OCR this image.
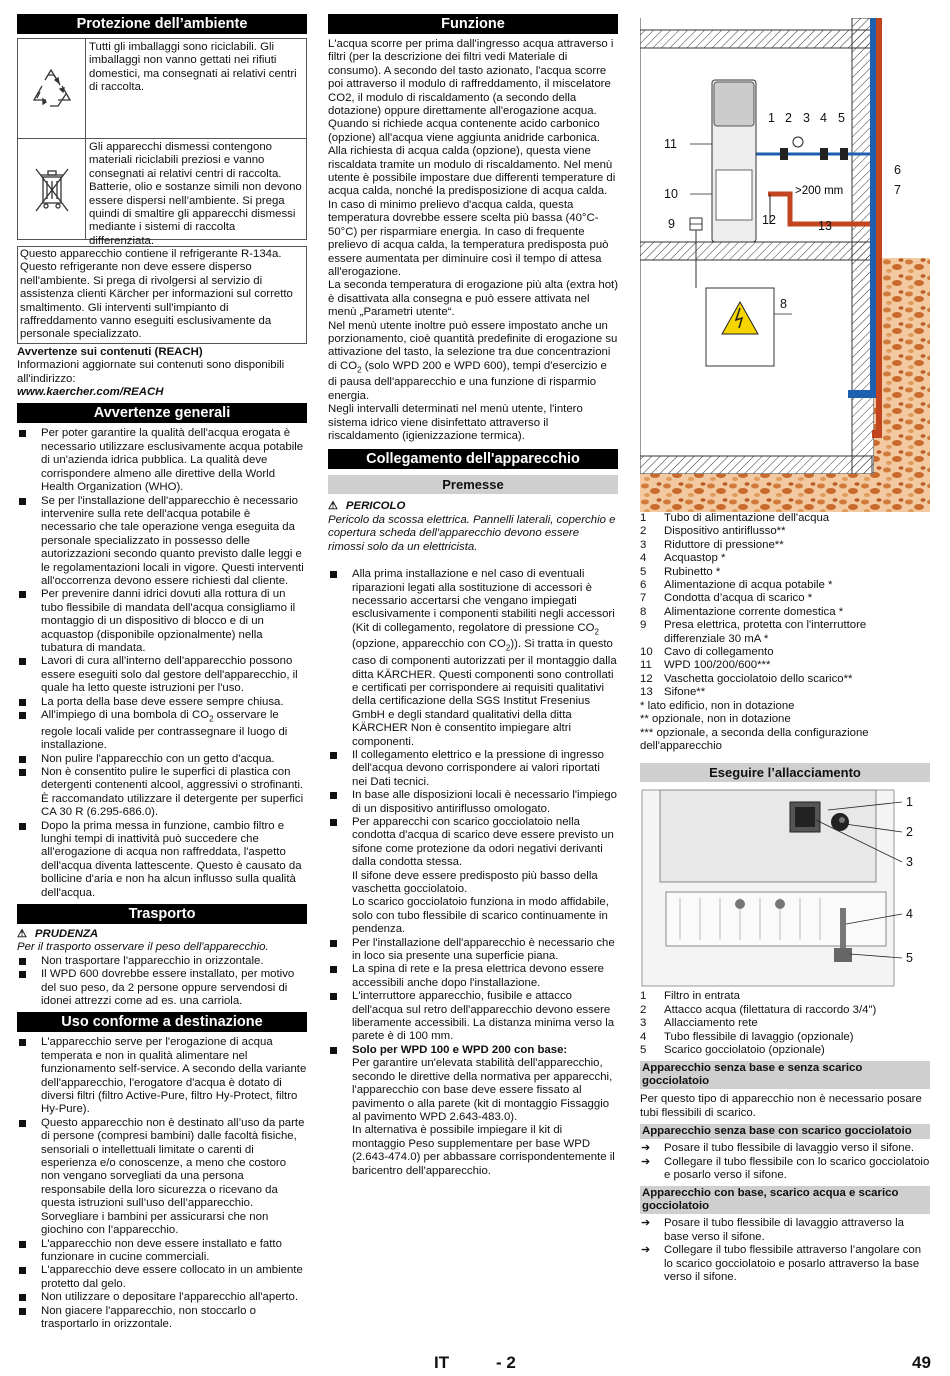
Protezione dell’ambiente
Tutti gli imballaggi sono riciclabili. Gli imballaggi non vanno gettati nei rifiuti domestici, ma consegnati ai relativi centri di raccolta.
Gli apparecchi dismessi contengono materiali riciclabili preziosi e vanno consegnati ai relativi centri di raccolta. Batterie, olio e sostanze simili non devono essere dispersi nell’ambiente. Si prega quindi di smaltire gli apparecchi dismessi mediante i sistemi di raccolta differenziata.
Questo apparecchio contiene il refrigerante R-134a. Questo refrigerante non deve essere disperso nell'ambiente. Si prega di rivolgersi al servizio di assistenza clienti Kärcher per informazioni sul corretto smaltimento. Gli interventi sull'impianto di raffreddamento vanno eseguiti esclusivamente da personale specializzato.

Avvertenze sui contenuti (REACH)

Informazioni aggiornate sui contenuti sono disponibili all'indirizzo:

www.kaercher.com/REACH

Avvertenze generali
Per poter garantire la qualità dell'acqua erogata è necessario utilizzare esclusivamente acqua potabile di un'azienda idrica pubblica. La qualità deve corrispondere almeno alle direttive della World Health Organization (WHO).
Se per l'installazione dell'apparecchio è necessario intervenire sulla rete dell'acqua potabile è necessario che tale operazione venga eseguita da personale specializzato in possesso delle autorizzazioni secondo quanto previsto dalle leggi e le regolamentazioni locali in vigore. Questi interventi all'occorrenza devono essere richiesti dal cliente.
Per prevenire danni idrici dovuti alla rottura di un tubo flessibile di mandata dell'acqua consigliamo il montaggio di un dispositivo di blocco e di un acquastop (disponibile opzionalmente) nella tubatura di mandata.
Lavori di cura all'interno dell'apparecchio possono essere eseguiti solo dal gestore dell'apparecchio, il quale ha letto queste istruzioni per l'uso.
La porta della base deve essere sempre chiusa.
All'impiego di una bombola di $CO_2$ osservare le regole locali valide per contrassegnare il luogo di installazione.
Non pulire l'apparecchio con un getto d'acqua.
Non è consentito pulire le superfici di plastica con detergenti contenenti alcool, aggressivi o strofinanti.
È raccomandato utilizzare il detergente per superfici CA 30 R (6.295-686.0).
Dopo la prima messa in funzione, cambio filtro e lunghi tempi di inattività può succedere che all'erogazione di acqua non raffreddata, l'aspetto dell'acqua diventa lattescente. Questo è causato da bollicine d'aria e non ha alcun influsso sulla qualità dell'acqua.
Trasporto

⚠ PRUDENZA

Per il trasporto osservare il peso dell'apparecchio.

Non trasportare l'apparecchio in orizzontale.
Il WPD 600 dovrebbe essere installato, per motivo del suo peso, da 2 persone oppure servendosi di idonei attrezzi come ad es. una carriola.
Uso conforme a destinazione
L'apparecchio serve per l'erogazione di acqua temperata e non in qualità alimentare nel funzionamento self-service. A secondo della variante dell'apparecchio, l'erogatore d'acqua è dotato di diversi filtri (filtro Active-Pure, filtro Hy-Protect, filtro Hy-Pure).
Questo apparecchio non è destinato all’uso da parte di persone (compresi bambini) dalle facoltà fisiche, sensoriali o intellettuali limitate o carenti di esperienza e/o conoscenze, a meno che costoro non vengano sorvegliati da una persona responsabile della loro sicurezza o ricevano da questa istruzioni sull’uso dell’apparecchio. Sorvegliare i bambini per assicurarsi che non giochino con l’apparecchio.
L'apparecchio non deve essere installato e fatto funzionare in cucine commerciali.
L'apparecchio deve essere collocato in un ambiente protetto dal gelo.
Non utilizzare o depositare l'apparecchio all'aperto.
Non giacere l'apparecchio, non stoccarlo o trasportarlo in orizzontale.
Funzione

L'acqua scorre per prima dall'ingresso acqua attraverso i filtri (per la descrizione dei filtri vedi Materiale di consumo). A secondo del tasto azionato, l'acqua scorre poi attraverso il modulo di raffreddamento, il miscelatore CO2, il modulo di riscaldamento (a secondo della dotazione) oppure direttamente all'erogazione acqua.

Quando si richiede acqua contenente acido carbonico (opzione) all'acqua viene aggiunta anidride carbonica.

Alla richiesta di acqua calda (opzione), questa viene riscaldata tramite un modulo di riscaldamento. Nel menù utente è possibile impostare due differenti temperature di acqua calda, nonché la predisposizione di acqua calda.

In caso di minimo prelievo d'acqua calda, questa temperatura dovrebbe essere scelta più bassa (40°C-50°C) per risparmiare energia. In caso di frequente prelievo di acqua calda, la temperatura predisposta può essere aumentata per diminuire così il tempo di attesa all'erogazione.

La seconda temperatura di erogazione più alta (extra hot) è disattivata alla consegna e può essere attivata nel menù „Parametri utente“.

Nel menù utente inoltre può essere impostato anche un porzionamento, cioè quantità predefinite di erogazione su attivazione del tasto, la selezione tra due concentrazioni di $CO_2$ (solo WPD 200 e WPD 600), tempi d'esercizio e di pausa dell'apparecchio e una funzione di risparmio energia.

Negli intervalli determinati nel menù utente, l'intero sistema idrico viene disinfettato attraverso il riscaldamento (igienizzazione termica).

Collegamento dell'apparecchio
Premesse

⚠ PERICOLO

Pericolo da scossa elettrica. Pannelli laterali, coperchio e copertura scheda dell'apparecchio devono essere rimossi solo da un elettricista.

Alla prima installazione e nel caso di eventuali riparazioni legati alla sostituzione di accessori è necessario accertarsi che vengano impiegati esclusivamente i componenti stabiliti negli accessori (Kit di collegamento, regolatore di pressione $CO_2$ (opzione, apparecchio con $CO_2$)). Si tratta in questo caso di componenti autorizzati per il montaggio dalla ditta KÄRCHER. Questi componenti sono controllati e certificati per corrispondere ai requisiti qualitativi della certificazione della SGS Institut Fresenius GmbH e degli standard qualitativi della ditta KÄRCHER Non è consentito impiegare altri componenti.
Il collegamento elettrico e la pressione di ingresso dell'acqua devono corrispondere ai valori riportati nei Dati tecnici.
In base alle disposizioni locali è necessario l'impiego di un dispositivo antiriflusso omologato.
Per apparecchi con scarico gocciolatoio nella condotta d'acqua di scarico deve essere previsto un sifone come protezione da odori negativi derivanti dalla condotta stessa.
Il sifone deve essere predisposto più basso della vaschetta gocciolatoio.
Lo scarico gocciolatoio funziona in modo affidabile, solo con tubo flessibile di scarico continuamente in pendenza.
Per l'installazione dell'apparecchio è necessario che in loco sia presente una superficie piana.
La spina di rete e la presa elettrica devono essere accessibili anche dopo l'installazione.
L'interruttore apparecchio, fusibile e attacco dell'acqua sul retro dell'apparecchio devono essere liberamente accessibili. La distanza minima verso la parete è di 100 mm.
Solo per WPD 100 e WPD 200 con base:
Per garantire un'elevata stabilità dell'apparecchio, secondo le direttive della normativa per apparecchi, l'apparecchio con base deve essere fissato al pavimento o alla parete (kit di montaggio Fissaggio al pavimento WPD 2.643-483.0).
In alternativa è possibile impiegare il kit di montaggio Peso supplementare per base WPD (2.643-474.0) per abbassare corrispondentemente il baricentro dell'apparecchio.
>200 mm
1 2 3 4 5
6
7
8
9
10
11
12	13
1	Tubo di alimentazione dell'acqua
2	Dispositivo antiriflusso**
3	Riduttore di pressione**
4	Acquastop *
5	Rubinetto *
6	Alimentazione di acqua potabile *
7	Condotta d’acqua di scarico *
8	Alimentazione corrente domestica *
9	Presa elettrica, protetta con l'interruttore differenziale 30 mA *
10 Cavo di collegamento
11	WPD 100/200/600***
12 Vaschetta gocciolatoio dello scarico**
13 Sifone**

* lato edificio, non in dotazione

** opzionale, non in dotazione

*** opzionale, a seconda della configurazione dell'apparecchio

Eseguire l’allacciamento
1
2
3
4
5
1	Filtro in entrata
2	Attacco acqua (filettatura di raccordo 3/4")
3	Allacciamento rete
4	Tubo flessibile di lavaggio (opzionale)
5	Scarico gocciolatoio (opzionale)
Apparecchio senza base e senza scarico gocciolatoio

Per questo tipo di apparecchio non è necessario posare tubi flessibili di scarico.

Apparecchio senza base con scarico gocciolatoio
➔ Posare il tubo flessibile di lavaggio verso il sifone.
➔ Collegare il tubo flessibile con lo scarico gocciolatoio e posarlo verso il sifone.
Apparecchio con base, scarico acqua e scarico gocciolatoio
➔ Posare il tubo flessibile di lavaggio attraverso la base verso il sifone.
➔ Collegare il tubo flessibile attraverso l’angolare con lo scarico gocciolatoio e posarlo attraverso la base verso il sifone.
IT	- 2	49
